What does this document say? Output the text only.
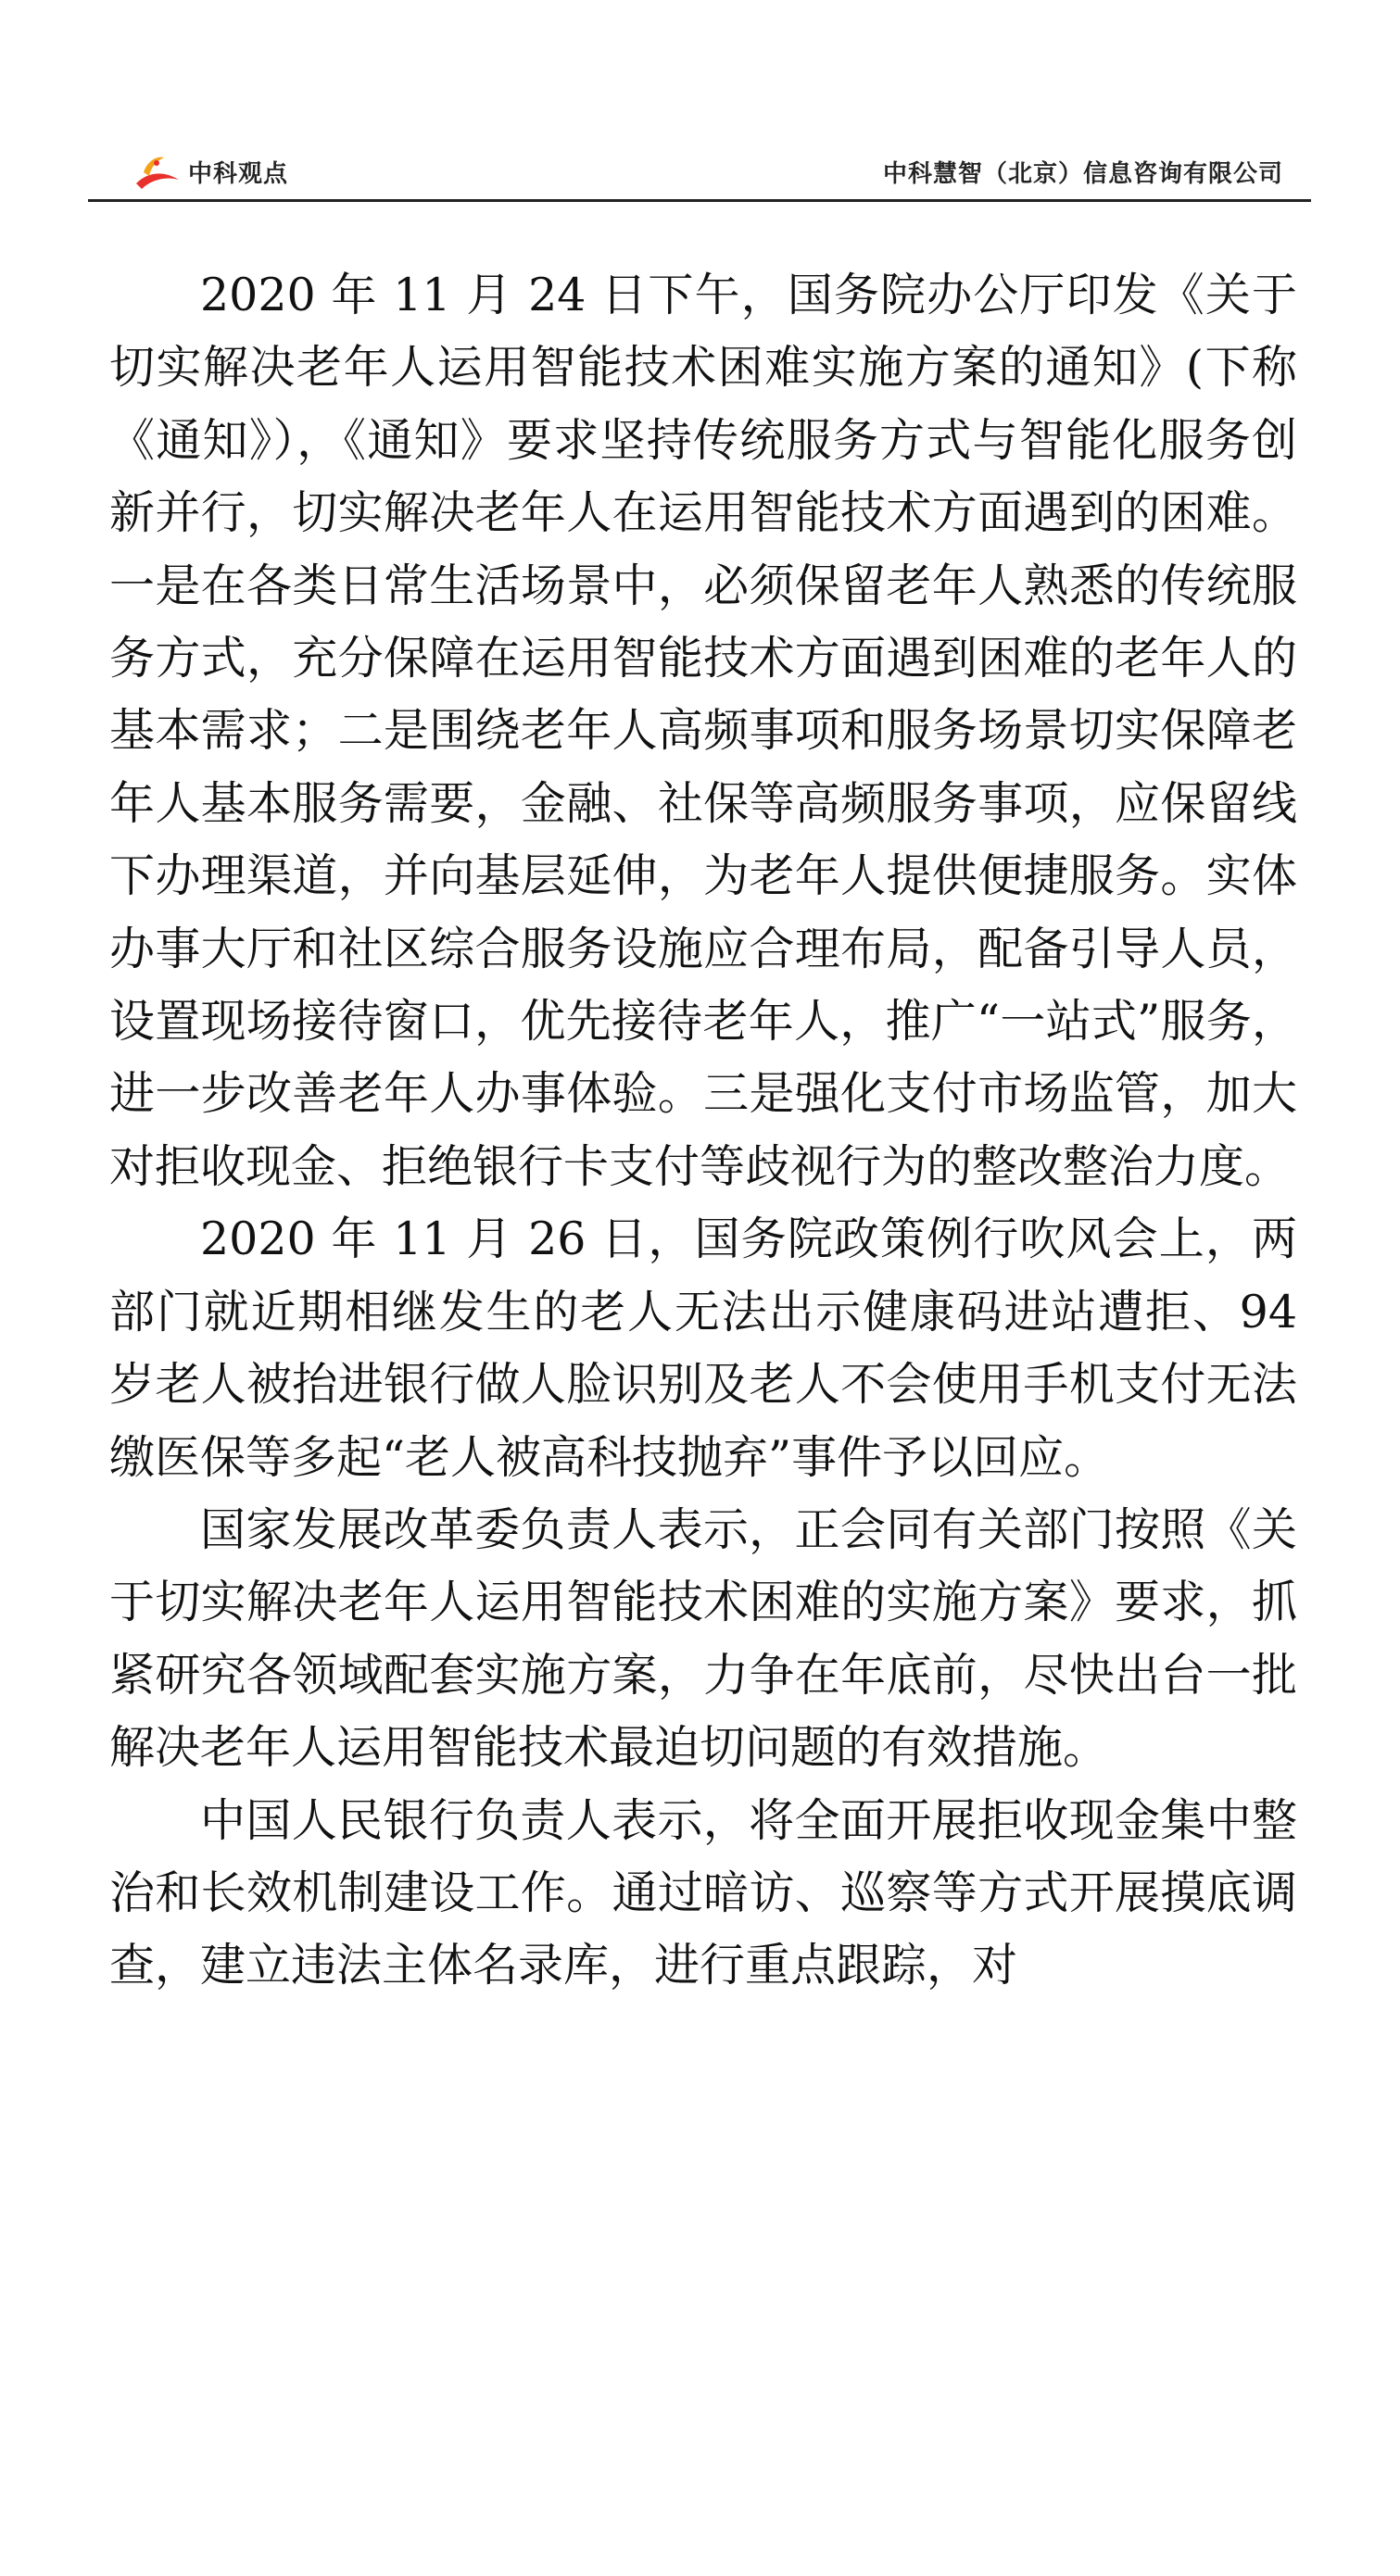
中科观点	中科慧智（北京）信息咨询有限公司

2020 年 11 月 24 日下午，国务院办公厅印发《关于切实解决老年人运用智能技术困难实施方案的通知》(下称《通知》），《通知》要求坚持传统服务方式与智能化服务创新并行，切实解决老年人在运用智能技术方面遇到的困难。一是在各类日常生活场景中，必须保留老年人熟悉的传统服务方式，充分保障在运用智能技术方面遇到困难的老年人的基本需求；二是围绕老年人高频事项和服务场景切实保障老年人基本服务需要，金融、社保等高频服务事项，应保留线下办理渠道，并向基层延伸，为老年人提供便捷服务。实体办事大厅和社区综合服务设施应合理布局，配备引导人员，设置现场接待窗口，优先接待老年人，推广“一站式”服务，进一步改善老年人办事体验。三是强化支付市场监管，加大对拒收现金、拒绝银行卡支付等歧视行为的整改整治力度。

2020 年 11 月 26 日，国务院政策例行吹风会上，两部门就近期相继发生的老人无法出示健康码进站遭拒、94 岁老人被抬进银行做人脸识别及老人不会使用手机支付无法缴医保等多起“老人被高科技抛弃”事件予以回应。

国家发展改革委负责人表示，正会同有关部门按照《关于切实解决老年人运用智能技术困难的实施方案》要求，抓紧研究各领域配套实施方案，力争在年底前，尽快出台一批解决老年人运用智能技术最迫切问题的有效措施。

中国人民银行负责人表示，将全面开展拒收现金集中整治和长效机制建设工作。通过暗访、巡察等方式开展摸底调查，建立违法主体名录库，进行重点跟踪，对
